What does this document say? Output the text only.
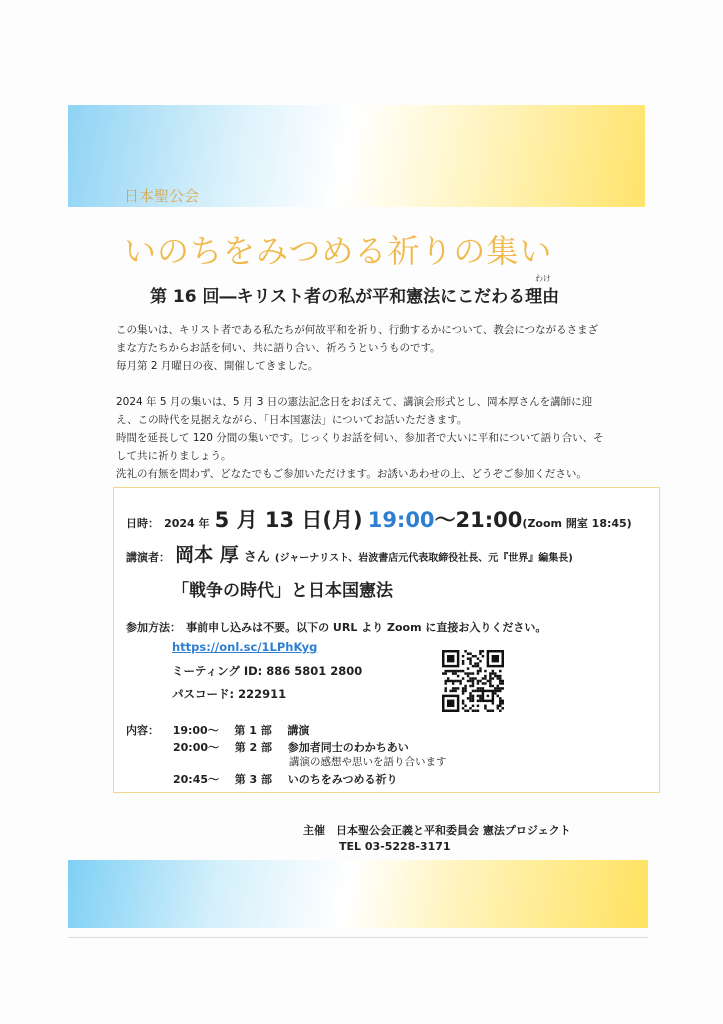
日本聖公会
いのちをみつめる祈りの集い
わけ
第 16 回―キリスト者の私が平和憲法にこだわる理由
この集いは、キリスト者である私たちが何故平和を祈り、行動するかについて、教会につながるさまざ
まな方たちからお話を伺い、共に語り合い、祈ろうというものです。
毎月第 2 月曜日の夜、開催してきました。
2024 年 5 月の集いは、5 月 3 日の憲法記念日をおぼえて、講演会形式とし、岡本厚さんを講師に迎
え、この時代を見据えながら、「日本国憲法」についてお話いただきます。
時間を延長して 120 分間の集いです。じっくりお話を伺い、参加者で大いに平和について語り合い、そ
して共に祈りましょう。
洗礼の有無を問わず、どなたでもご参加いただけます。お誘いあわせの上、どうぞご参加ください。
日時： 2024 年 5 月 13 日(月) 19:00～21:00(Zoom 開室 18:45)
講演者： 岡本 厚 さん (ジャーナリスト、岩波書店元代表取締役社長、元『世界』編集長)
「戦争の時代」と日本国憲法
参加方法： 事前申し込みは不要。以下の URL より Zoom に直接お入りください。
https://onl.sc/1LPhKyg
ミーティング ID: 886 5801 2800
パスコード: 222911
内容： 19:00～ 第 1 部 講演
20:00～ 第 2 部 参加者同士のわかちあい
講演の感想や思いを語り合います
20:45～ 第 3 部 いのちをみつめる祈り
主催　日本聖公会正義と平和委員会 憲法プロジェクト
TEL 03-5228-3171
